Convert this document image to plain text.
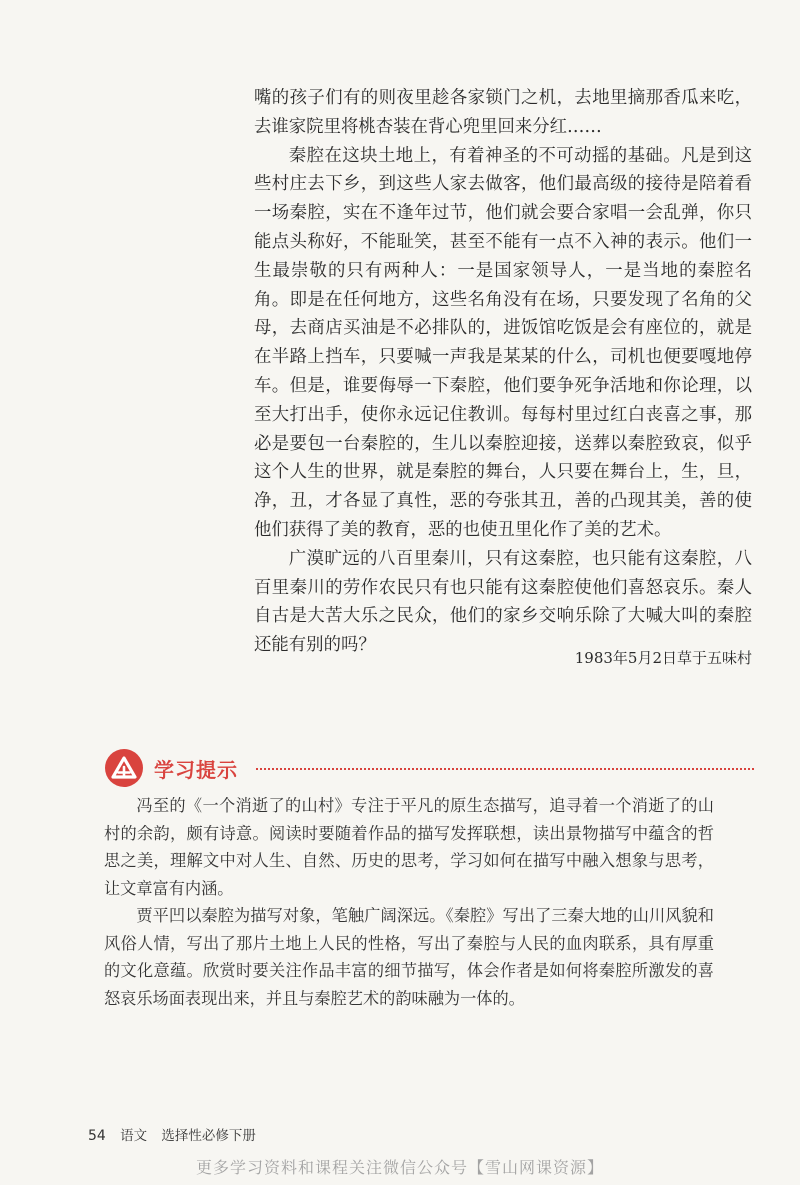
嘴的孩子们有的则夜里趁各家锁门之机，去地里摘那香瓜来吃，去谁家院里将桃杏装在背心兜里回来分红……

秦腔在这块土地上，有着神圣的不可动摇的基础。凡是到这些村庄去下乡，到这些人家去做客，他们最高级的接待是陪着看一场秦腔，实在不逢年过节，他们就会要合家唱一会乱弹，你只能点头称好，不能耻笑，甚至不能有一点不入神的表示。他们一生最崇敬的只有两种人：一是国家领导人，一是当地的秦腔名角。即是在任何地方，这些名角没有在场，只要发现了名角的父母，去商店买油是不必排队的，进饭馆吃饭是会有座位的，就是在半路上挡车，只要喊一声我是某某的什么，司机也便要嘎地停车。但是，谁要侮辱一下秦腔，他们要争死争活地和你论理，以至大打出手，使你永远记住教训。每每村里过红白丧喜之事，那必是要包一台秦腔的，生儿以秦腔迎接，送葬以秦腔致哀，似乎这个人生的世界，就是秦腔的舞台，人只要在舞台上，生，旦，净，丑，才各显了真性，恶的夸张其丑，善的凸现其美，善的使他们获得了美的教育，恶的也使丑里化作了美的艺术。

广漠旷远的八百里秦川，只有这秦腔，也只能有这秦腔，八百里秦川的劳作农民只有也只能有这秦腔使他们喜怒哀乐。秦人自古是大苦大乐之民众，他们的家乡交响乐除了大喊大叫的秦腔还能有别的吗？

1983年5月2日草于五味村
学习提示

冯至的《一个消逝了的山村》专注于平凡的原生态描写，追寻着一个消逝了的山村的余韵，颇有诗意。阅读时要随着作品的描写发挥联想，读出景物描写中蕴含的哲思之美，理解文中对人生、自然、历史的思考，学习如何在描写中融入想象与思考，让文章富有内涵。

贾平凹以秦腔为描写对象，笔触广阔深远。《秦腔》写出了三秦大地的山川风貌和风俗人情，写出了那片土地上人民的性格，写出了秦腔与人民的血肉联系，具有厚重的文化意蕴。欣赏时要关注作品丰富的细节描写，体会作者是如何将秦腔所激发的喜怒哀乐场面表现出来，并且与秦腔艺术的韵味融为一体的。

54 语文 选择性必修下册
更多学习资料和课程关注微信公众号【雪山网课资源】
